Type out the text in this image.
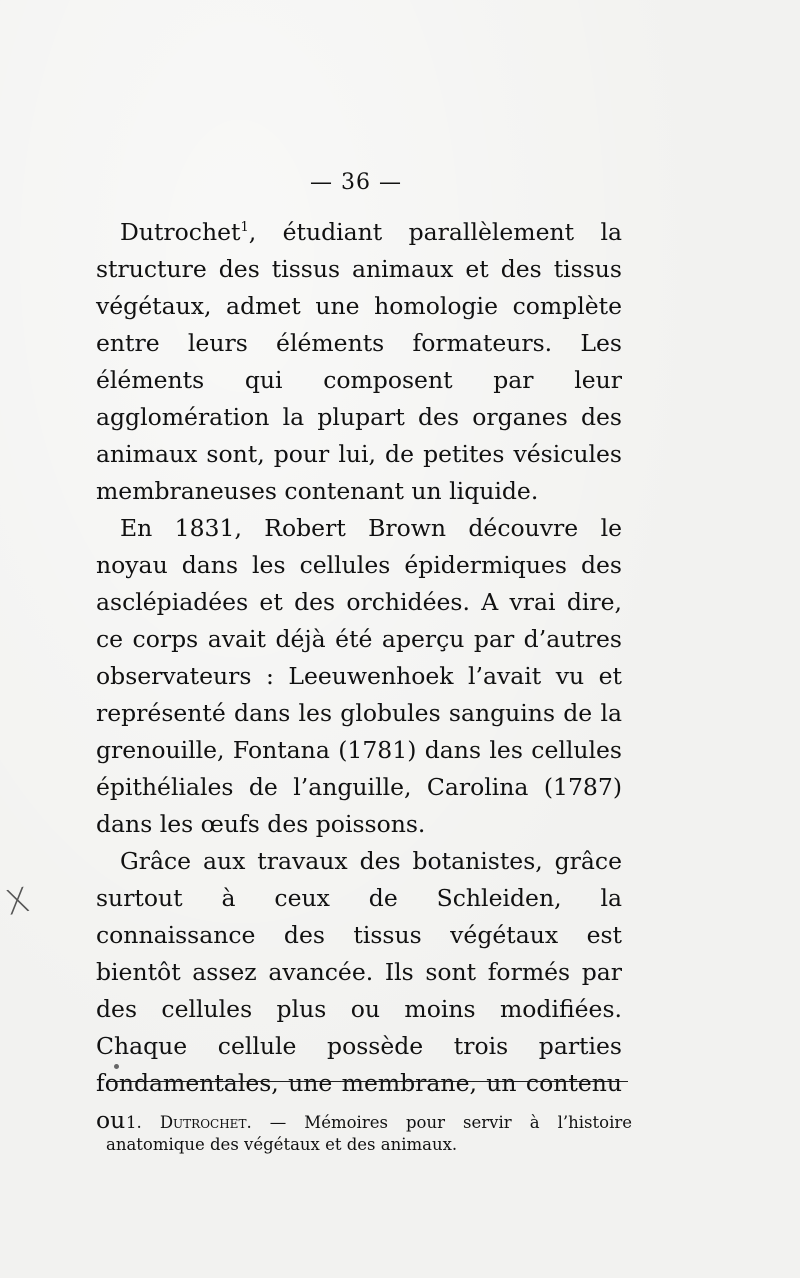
— 36 —

Dutrochet$^1$, étudiant parallèlement la structure des tissus animaux et des tissus végétaux, admet une homologie complète entre leurs éléments formateurs. Les éléments qui composent par leur agglomération la plupart des organes des animaux sont, pour lui, de petites vésicules membraneuses contenant un liquide.

En 1831, Robert Brown découvre le noyau dans les cellules épidermiques des asclépiadées et des orchidées. A vrai dire, ce corps avait déjà été aperçu par d’autres observateurs : Leeuwenhoek l’avait vu et représenté dans les globules sanguins de la grenouille, Fontana (1781) dans les cellules épithéliales de l’anguille, Carolina (1787) dans les œufs des poissons.

Grâce aux travaux des botanistes, grâce surtout à ceux de Schleiden, la connaissance des tissus végétaux est bientôt assez avancée. Ils sont formés par des cellules plus ou moins modifiées. Chaque cellule possède trois parties fondamentales, une membrane, un contenu ou

X
1. Dutrochet. — Mémoires pour servir à l’histoire anatomique des végétaux et des animaux.
